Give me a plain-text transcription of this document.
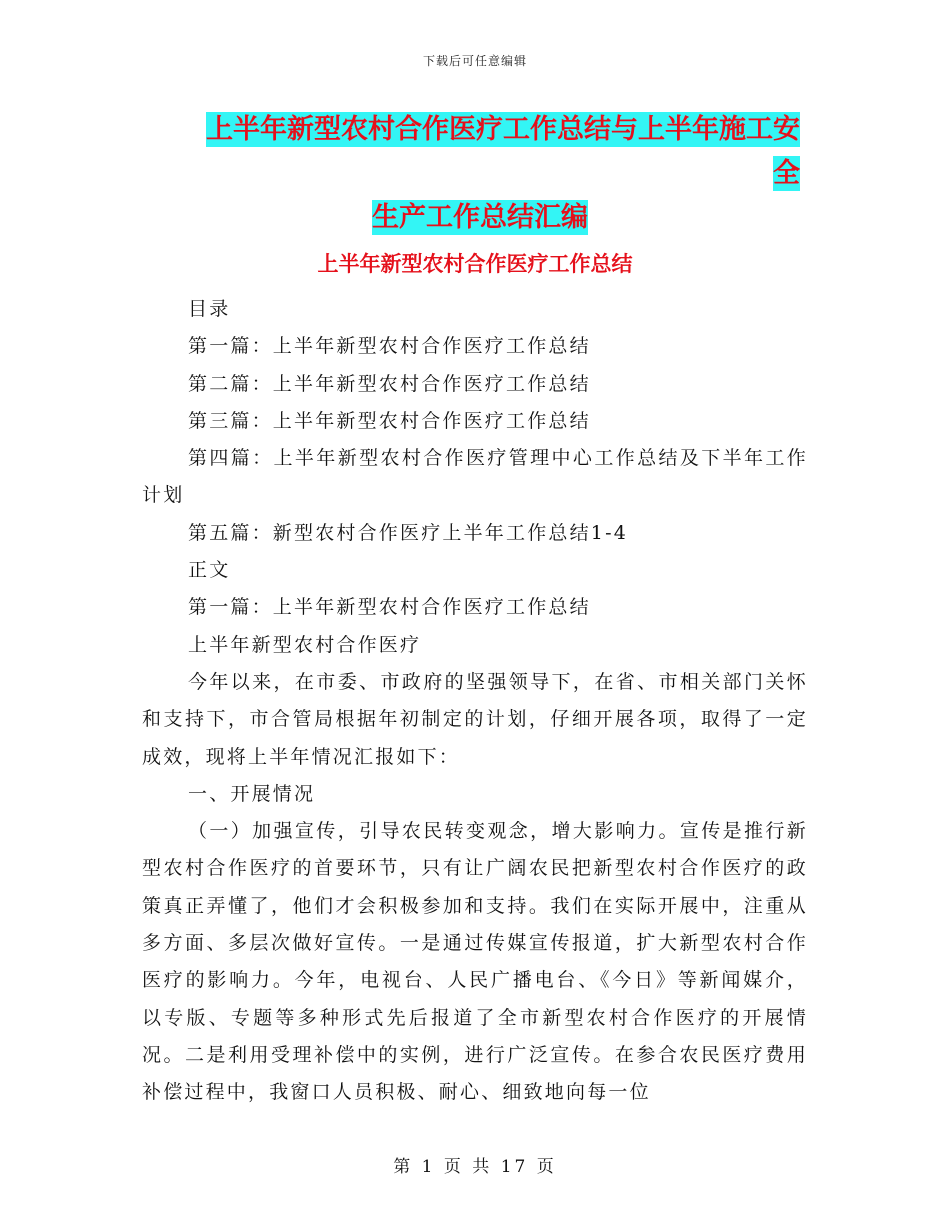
下载后可任意编辑
上半年新型农村合作医疗工作总结与上半年施工安全
生产工作总结汇编
上半年新型农村合作医疗工作总结

目录

第一篇：上半年新型农村合作医疗工作总结

第二篇：上半年新型农村合作医疗工作总结

第三篇：上半年新型农村合作医疗工作总结

第四篇：上半年新型农村合作医疗管理中心工作总结及下半年工作计划

第五篇：新型农村合作医疗上半年工作总结1-4

正文

第一篇：上半年新型农村合作医疗工作总结

上半年新型农村合作医疗

今年以来，在市委、市政府的坚强领导下，在省、市相关部门关怀和支持下，市合管局根据年初制定的计划，仔细开展各项，取得了一定成效，现将上半年情况汇报如下：

一、开展情况

（一）加强宣传，引导农民转变观念，增大影响力。宣传是推行新型农村合作医疗的首要环节，只有让广阔农民把新型农村合作医疗的政策真正弄懂了，他们才会积极参加和支持。我们在实际开展中，注重从多方面、多层次做好宣传。一是通过传媒宣传报道，扩大新型农村合作医疗的影响力。今年，电视台、人民广播电台、《今日》等新闻媒介，以专版、专题等多种形式先后报道了全市新型农村合作医疗的开展情况。二是利用受理补偿中的实例，进行广泛宣传。在参合农民医疗费用补偿过程中，我窗口人员积极、耐心、细致地向每一位

第 1 页 共 17 页
